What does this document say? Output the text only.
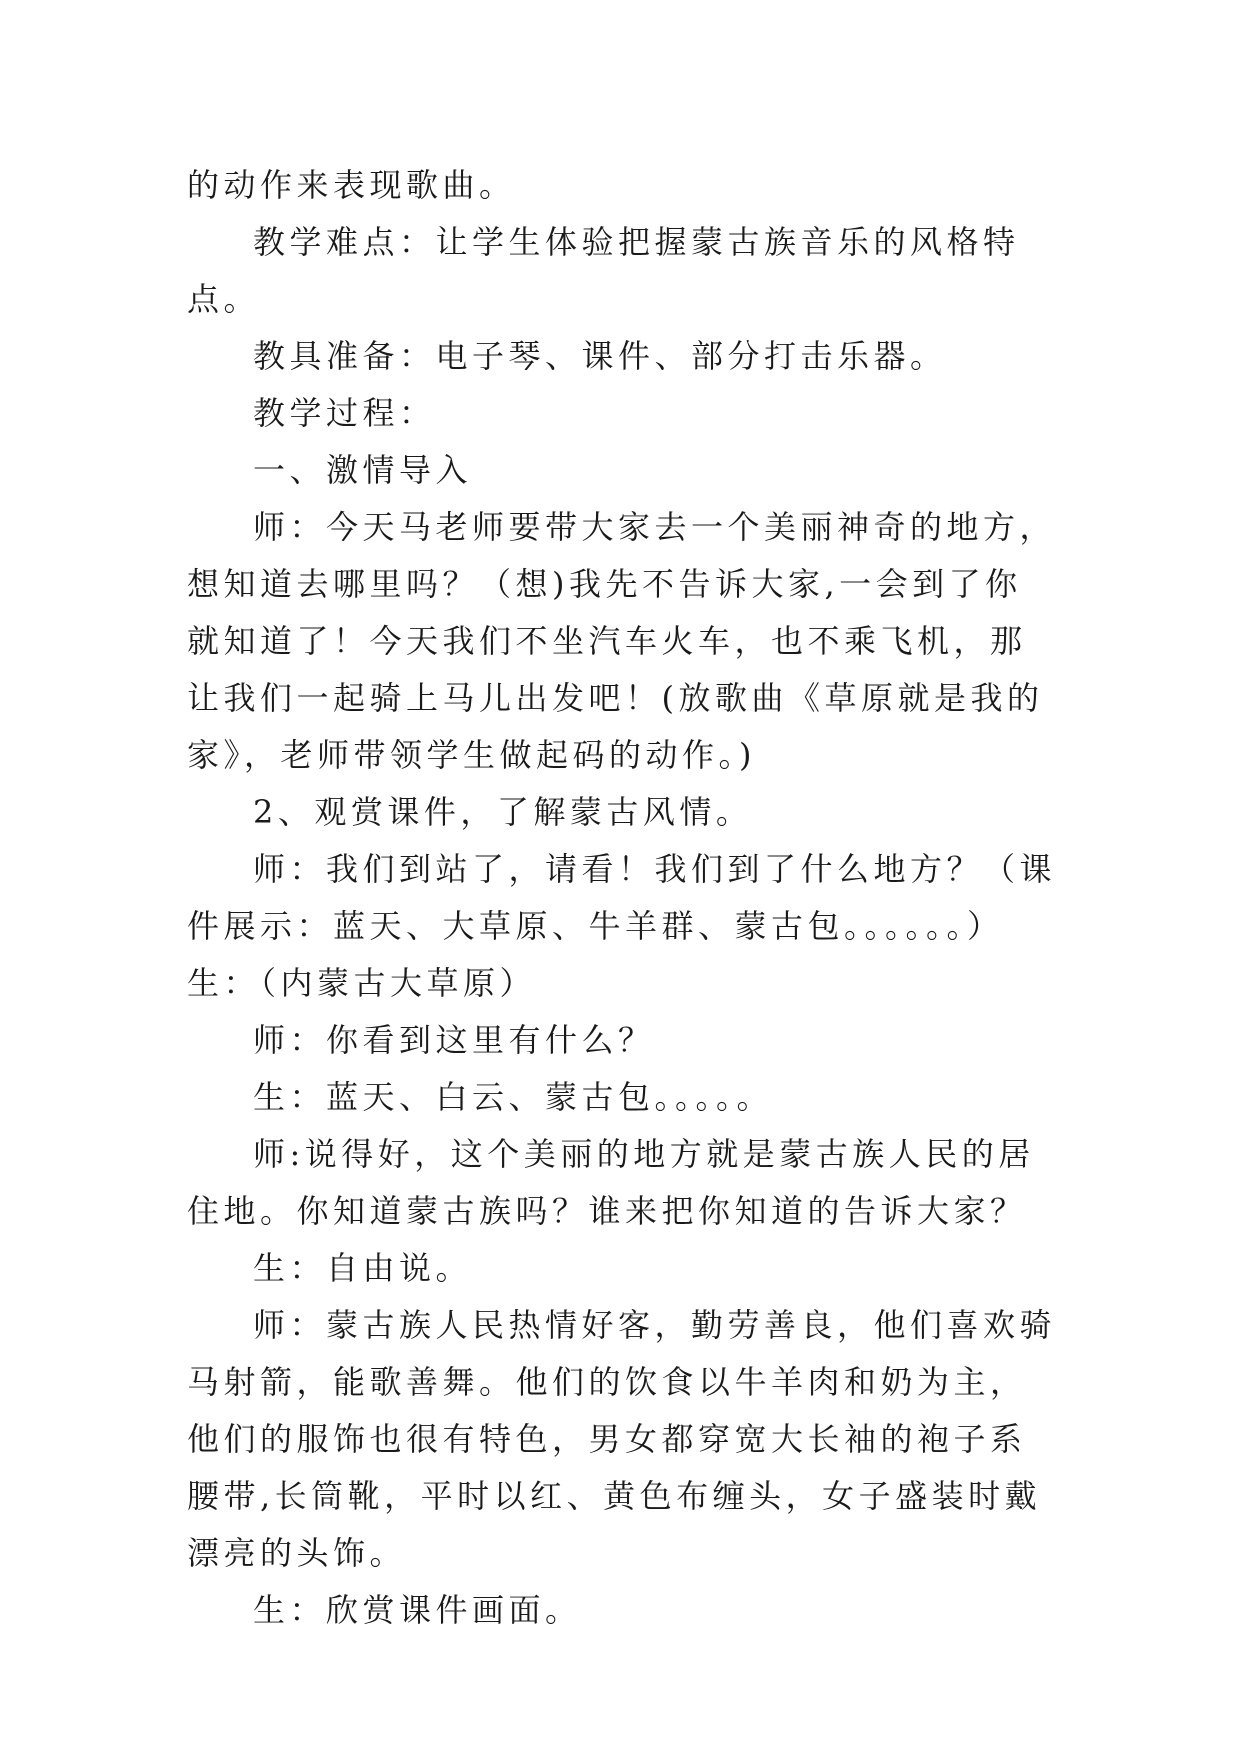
的动作来表现歌曲。

教学难点：让学生体验把握蒙古族音乐的风格特点。

教具准备：电子琴、课件、部分打击乐器。

教学过程：

一、激情导入

师：今天马老师要带大家去一个美丽神奇的地方，想知道去哪里吗？（想)我先不告诉大家,一会到了你就知道了！今天我们不坐汽车火车，也不乘飞机，那让我们一起骑上马儿出发吧！(放歌曲《草原就是我的家》，老师带领学生做起码的动作。)

2、观赏课件，了解蒙古风情。

师：我们到站了，请看！我们到了什么地方？（课件展示：蓝天、大草原、牛羊群、蒙古包。。。。。。）生：（内蒙古大草原）

师：你看到这里有什么？

生：蓝天、白云、蒙古包。。。。。

师:说得好，这个美丽的地方就是蒙古族人民的居住地。你知道蒙古族吗？谁来把你知道的告诉大家？

生：自由说。

师：蒙古族人民热情好客，勤劳善良，他们喜欢骑马射箭，能歌善舞。他们的饮食以牛羊肉和奶为主，他们的服饰也很有特色，男女都穿宽大长袖的袍子系腰带,长筒靴，平时以红、黄色布缠头，女子盛装时戴漂亮的头饰。

生：欣赏课件画面。
